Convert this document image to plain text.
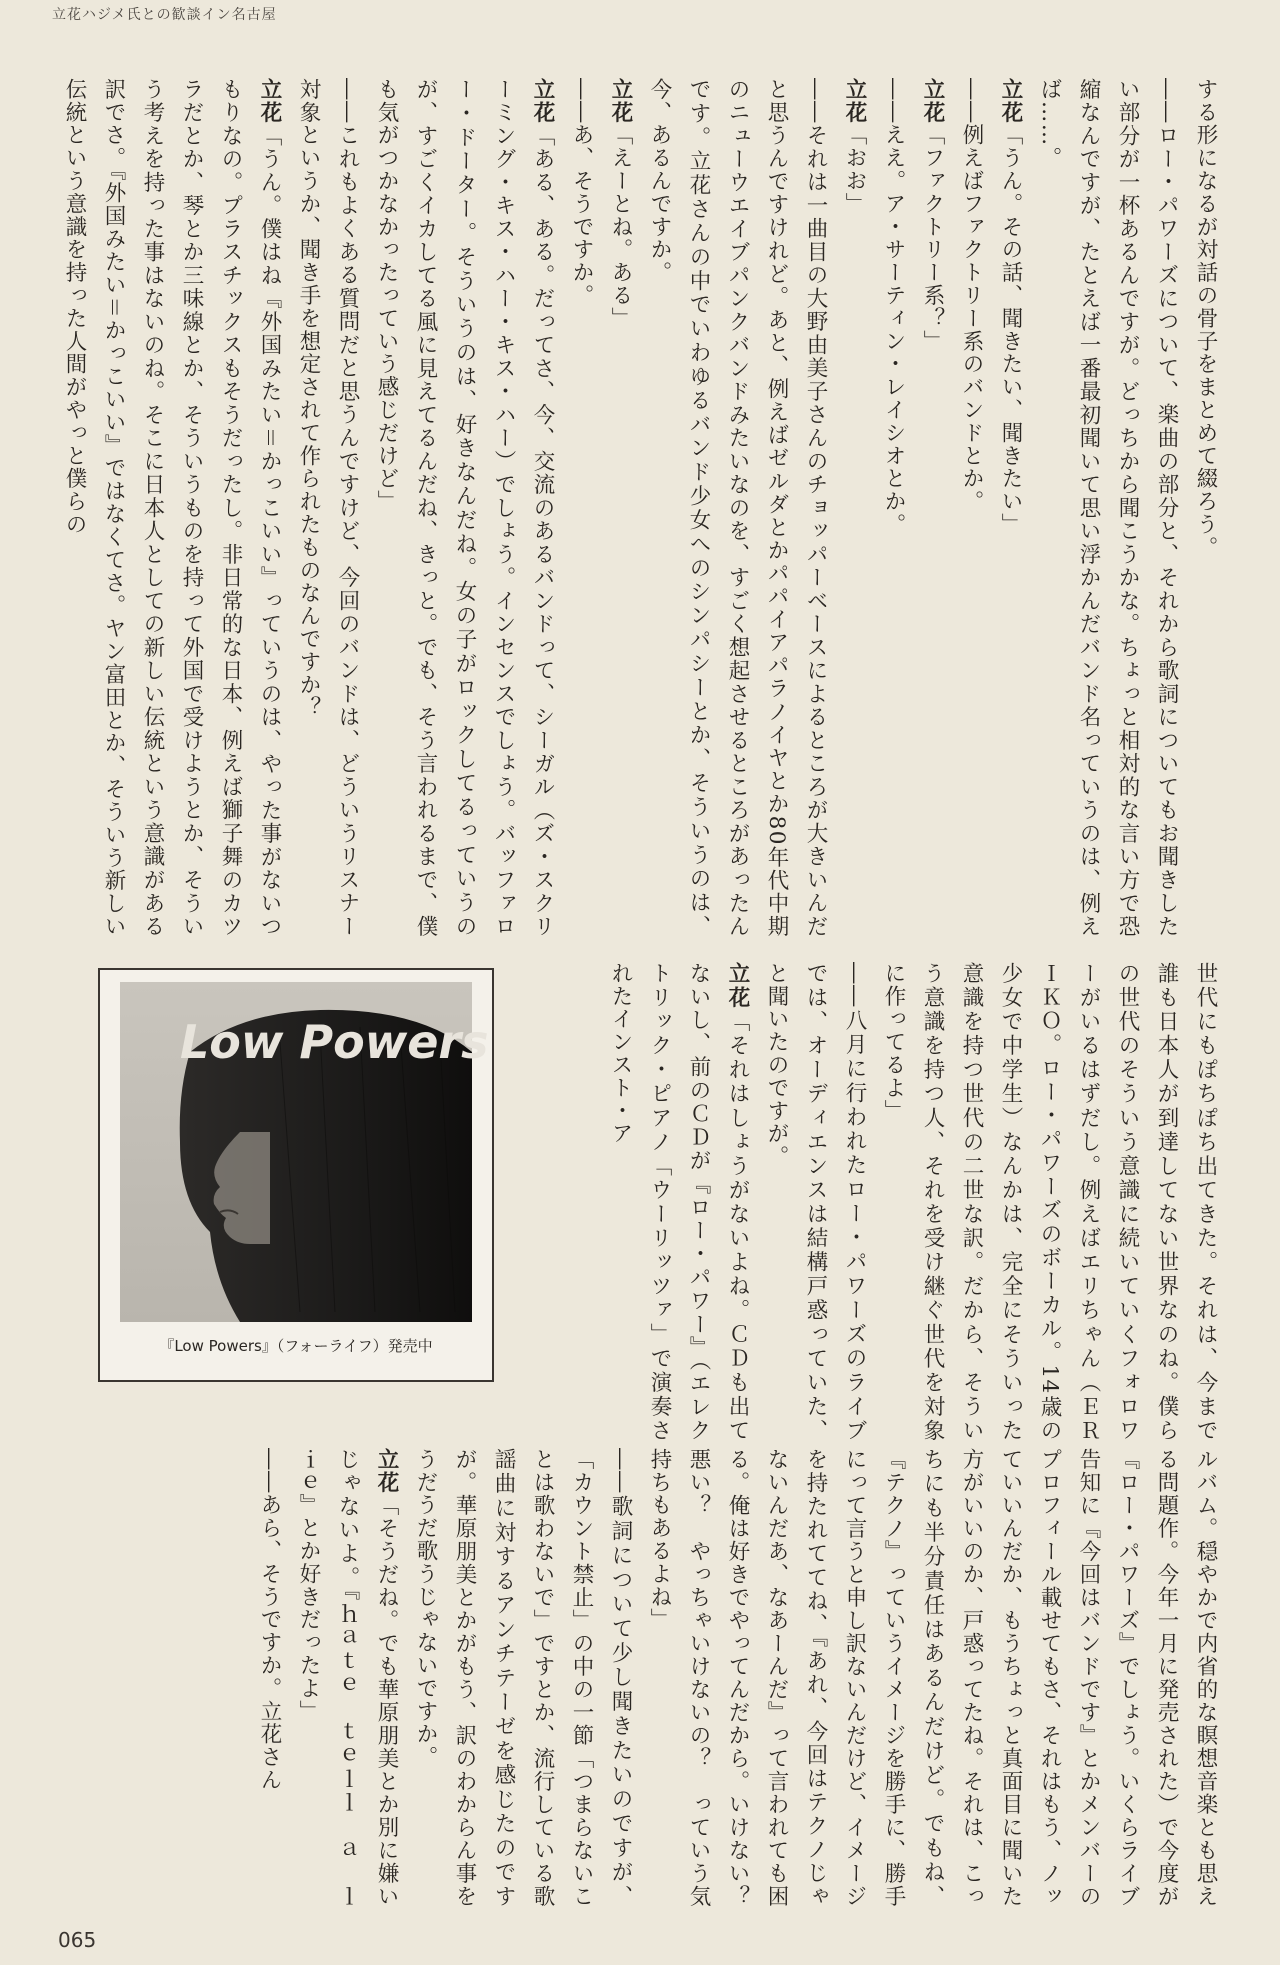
立花ハジメ氏との歓談イン名古屋

する形になるが対話の骨子をまとめて綴ろう。

――ロー・パワーズについて、楽曲の部分と、それから歌詞についてもお聞きしたい部分が一杯あるんですが。どっちから聞こうかな。ちょっと相対的な言い方で恐縮なんですが、たとえば一番最初聞いて思い浮かんだバンド名っていうのは、例えば……。

立花「うん。その話、聞きたい、聞きたい」

――例えばファクトリー系のバンドとか。

立花「ファクトリー系？」

――ええ。ア・サーティン・レイシオとか。

立花「おお」

――それは一曲目の大野由美子さんのチョッパーベースによるところが大きいんだと思うんですけれど。あと、例えばゼルダとかパパイアパラノイヤとか80年代中期のニューウエイブパンクバンドみたいなのを、すごく想起させるところがあったんです。立花さんの中でいわゆるバンド少女へのシンパシーとか、そういうのは、今、あるんですか。

立花「えーとね。ある」

――あ、そうですか。

立花「ある、ある。だってさ、今、交流のあるバンドって、シーガル（ズ・スクリーミング・キス・ハー・キス・ハー）でしょう。インセンスでしょう。バッファロー・ドーター。そういうのは、好きなんだね。女の子がロックしてるっていうのが、すごくイカしてる風に見えてるんだね、きっと。でも、そう言われるまで、僕も気がつかなかったっていう感じだけど」

――これもよくある質問だと思うんですけど、今回のバンドは、どういうリスナー対象というか、聞き手を想定されて作られたものなんですか？

立花「うん。僕はね『外国みたい＝かっこいい』っていうのは、やった事がないつもりなの。プラスチックスもそうだったし。非日常的な日本、例えば獅子舞のカツラだとか、琴とか三味線とか、そういうものを持って外国で受けようとか、そういう考えを持った事はないのね。そこに日本人としての新しい伝統という意識がある訳でさ。『外国みたい＝かっこいい』ではなくてさ。ヤン富田とか、そういう新しい伝統という意識を持った人間がやっと僕らの

世代にもぽちぽち出てきた。それは、今まで誰も日本人が到達してない世界なのね。僕らの世代のそういう意識に続いていくフォロワーがいるはずだし。例えばエリちゃん（ＥＲＩＫＯ。ロー・パワーズのボーカル。14歳の少女で中学生）なんかは、完全にそういった意識を持つ世代の二世な訳。だから、そういう意識を持つ人、それを受け継ぐ世代を対象に作ってるよ」

――八月に行われたロー・パワーズのライブでは、オーディエンスは結構戸惑っていた、と聞いたのですが。

立花「それはしょうがないよね。ＣＤも出てないし、前のＣＤが『ロー・パワー』（エレクトリック・ピアノ「ウーリッツァ」で演奏されたインスト・ア

ルバム。穏やかで内省的な瞑想音楽とも思える問題作。今年一月に発売された）で今度が『ロー・パワーズ』でしょう。いくらライブ告知に『今回はバンドです』とかメンバーのプロフィール載せてもさ、それはもう、ノッていいんだか、もうちょっと真面目に聞いた方がいいのか、戸惑ってたね。それは、こっちにも半分責任はあるんだけど。でもね、『テクノ』っていうイメージを勝手に、勝手にって言うと申し訳ないんだけど、イメージを持たれててね、『あれ、今回はテクノじゃないんだあ、なあーんだ』って言われても困る。俺は好きでやってんだから。いけない？　悪い？　やっちゃいけないの？　っていう気持ちもあるよね」

――歌詞について少し聞きたいのですが、「カウント禁止」の中の一節「つまらないことは歌わないで」ですとか、流行している歌謡曲に対するアンチテーゼを感じたのですが。華原朋美とかがもう、訳のわからん事をうだうだ歌うじゃないですか。

立花「そうだね。でも華原朋美とか別に嫌いじゃないよ。『ｈａｔｅ　ｔｅｌｌ　ａ　ｌｉｅ』とか好きだったよ」

――あら、そうですか。立花さん

Low Powers
『Low Powers』（フォーライフ）発売中
065
